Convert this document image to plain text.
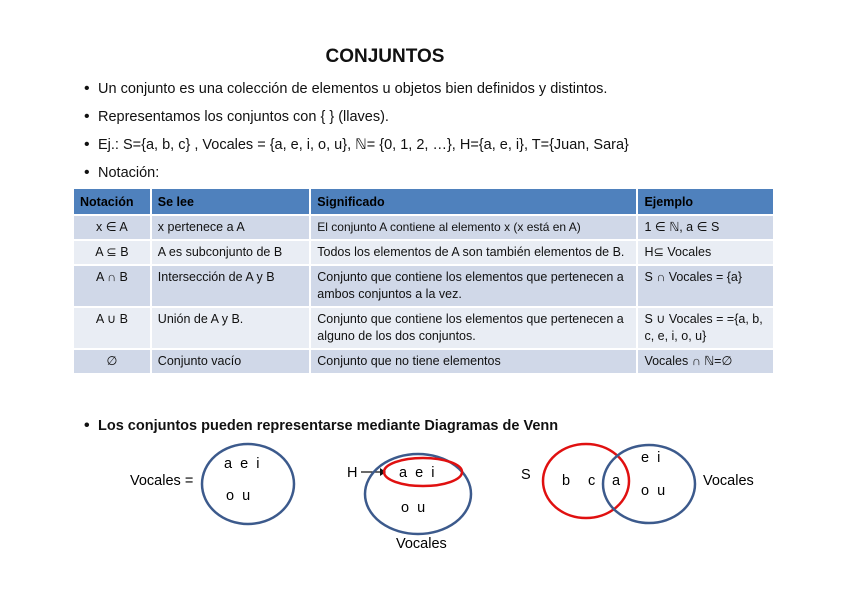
CONJUNTOS
• Un conjunto es una colección de elementos u objetos bien definidos y distintos.
• Representamos los conjuntos con { } (llaves).
• Ej.: S={a, b, c} , Vocales = {a, e, i, o, u}, ℕ= {0, 1, 2, …}, H={a, e, i}, T={Juan, Sara}
• Notación:
Notación	Se lee	Significado	Ejemplo
x ∈ A	x pertenece a A	El conjunto A contiene al elemento x (x está en A)	1 ∈ ℕ, a ∈ S
A ⊆ B	A es subconjunto de B	Todos los elementos de A son también elementos de B.	H⊆ Vocales
A ∩ B	Intersección de A y B	Conjunto que contiene los elementos que pertenecen a ambos conjuntos a la vez.	S ∩ Vocales = {a}
A ∪ B	Unión de A y B.	Conjunto que contiene los elementos que pertenecen a alguno de los dos conjuntos.	S ∪ Vocales = ={a, b, c, e, i, o, u}
∅	Conjunto vacío	Conjunto que no tiene elementos	Vocales ∩ ℕ=∅
• Los conjuntos pueden representarse mediante Diagramas de Venn
Vocales =
a  e  i
o  u
H	a  e  i
o  u
Vocales
S b c a
e  i
o  u
Vocales
